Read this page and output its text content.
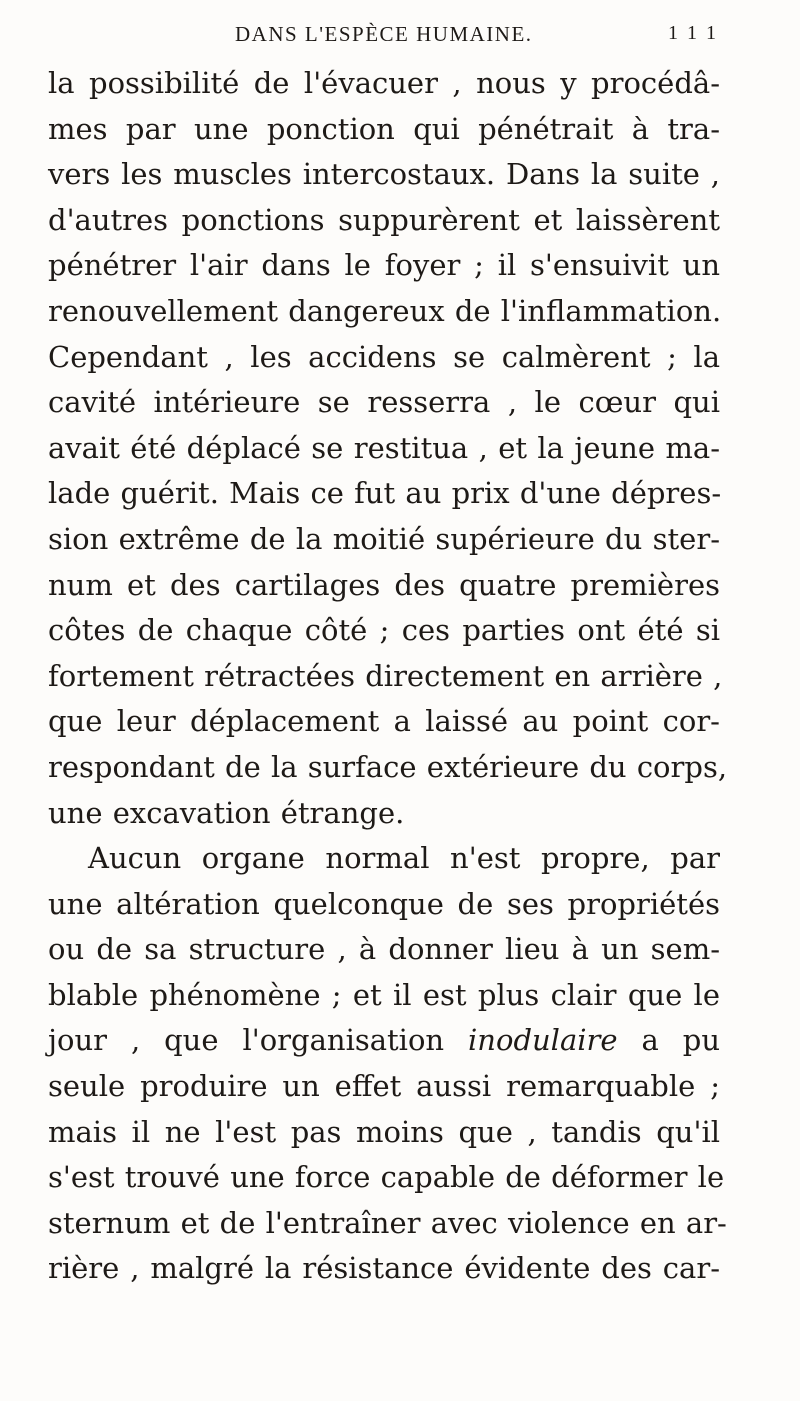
DANS L'ESPÈCE HUMAINE.	1 1 1
la possibilité de l'évacuer , nous y procédâ-
mes par une ponction qui pénétrait à tra-
vers les muscles intercostaux. Dans la suite ,
d'autres ponctions suppurèrent et laissèrent
pénétrer l'air dans le foyer ; il s'ensuivit un
renouvellement dangereux de l'inflammation.
Cependant , les accidens se calmèrent ; la
cavité intérieure se resserra , le cœur qui
avait été déplacé se restitua , et la jeune ma-
lade guérit. Mais ce fut au prix d'une dépres-
sion extrême de la moitié supérieure du ster-
num et des cartilages des quatre premières
côtes de chaque côté ; ces parties ont été si
fortement rétractées directement en arrière ,
que leur déplacement a laissé au point cor-
respondant de la surface extérieure du corps,
une excavation étrange.
Aucun organe normal n'est propre, par
une altération quelconque de ses propriétés
ou de sa structure , à donner lieu à un sem-
blable phénomène ; et il est plus clair que le
jour , que l'organisation inodulaire a pu
seule produire un effet aussi remarquable ;
mais il ne l'est pas moins que , tandis qu'il
s'est trouvé une force capable de déformer le
sternum et de l'entraîner avec violence en ar-
rière , malgré la résistance évidente des car-
